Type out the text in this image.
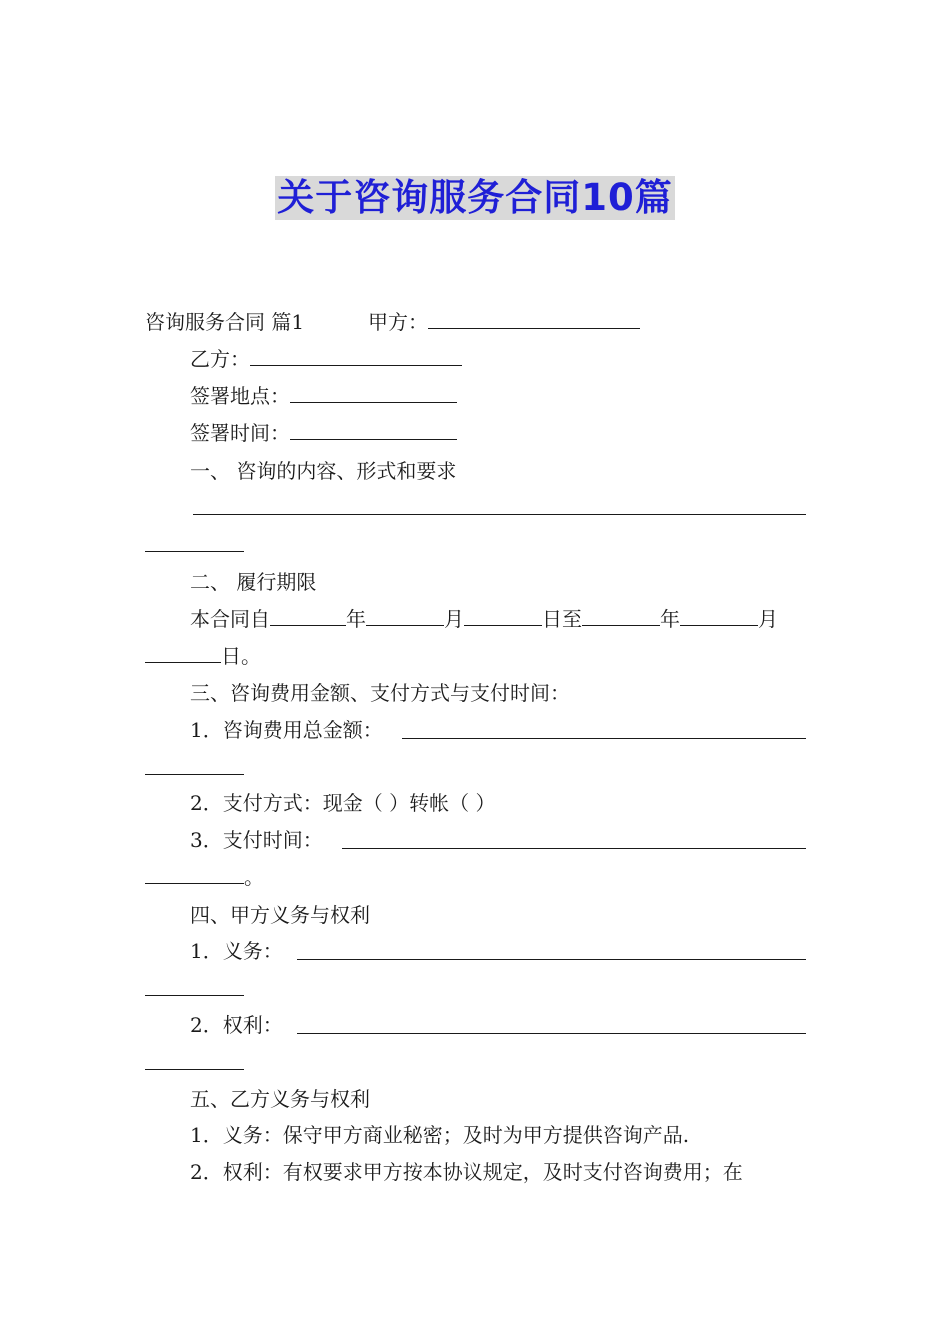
关于咨询服务合同10篇
咨询服务合同 篇1	甲方：
乙方：
签署地点：
签署时间：
一、 咨询的内容、形式和要求
二、 履行期限
本合同自	年	月	日至	年	月
日。
三、咨询费用金额、支付方式与支付时间：
1．咨询费用总金额：
2．支付方式：现金（ ）转帐（ ）
3．支付时间：
。
四、甲方义务与权利
1．义务：
2．权利：
五、乙方义务与权利
1．义务：保守甲方商业秘密；及时为甲方提供咨询产品.
2．权利：有权要求甲方按本协议规定，及时支付咨询费用；在
